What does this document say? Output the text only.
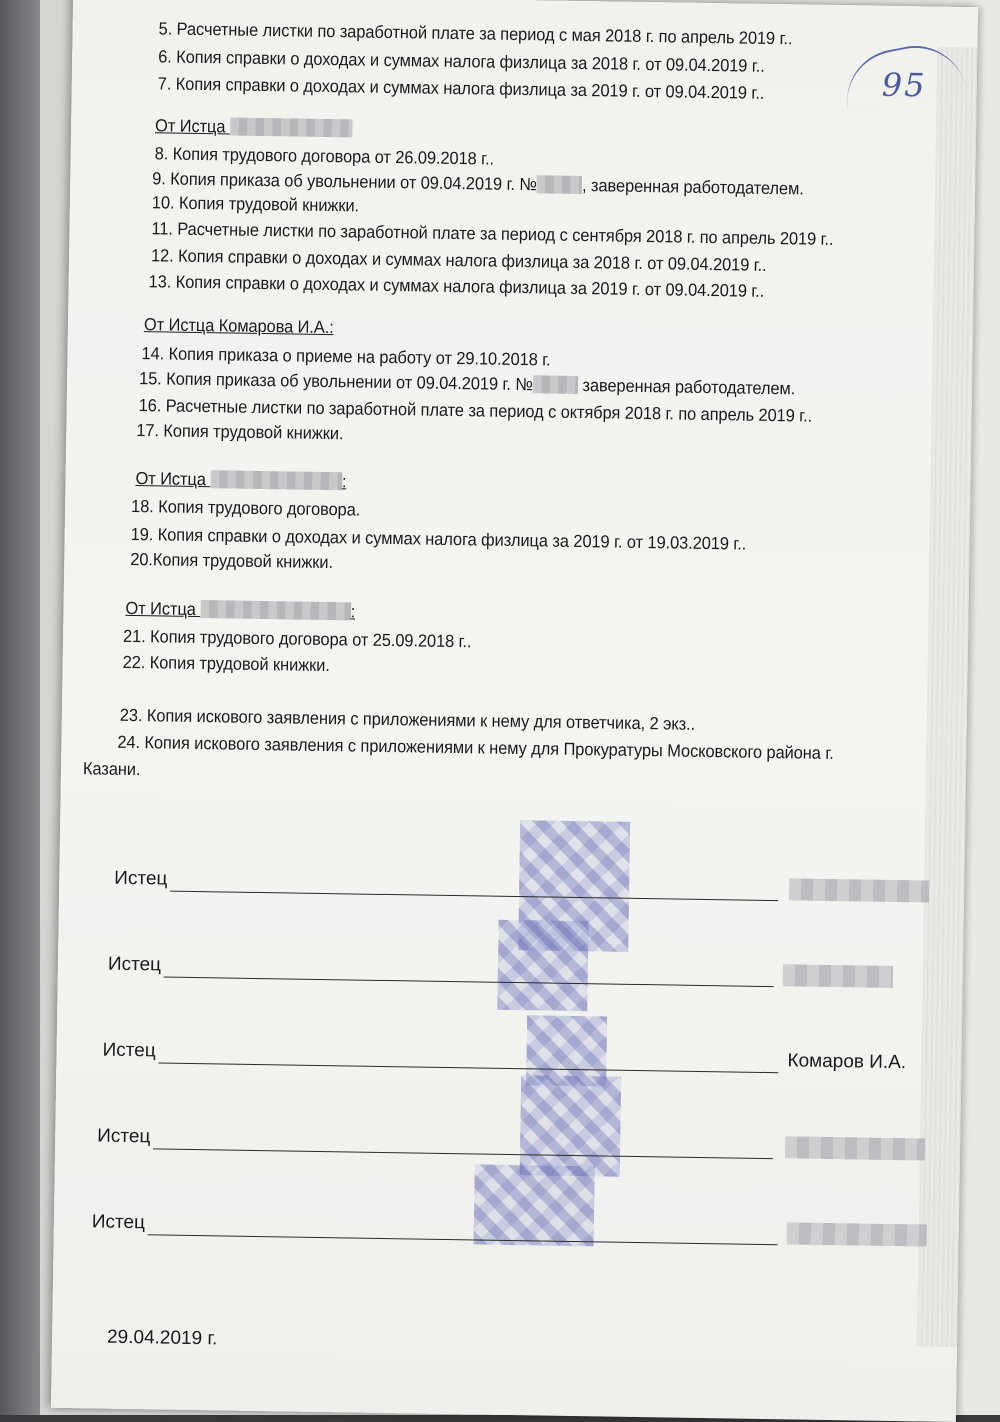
95
5. Расчетные листки по заработной плате за период с мая 2018 г. по апрель 2019 г..
6. Копия справки о доходах и суммах налога физлица за 2018 г. от 09.04.2019 г..
7. Копия справки о доходах и суммах налога физлица за 2019 г. от 09.04.2019 г..
От Истца
8. Копия трудового договора от 26.09.2018 г..
9. Копия приказа об увольнении от 09.04.2019 г. №	, заверенная работодателем.
10. Копия трудовой книжки.
11. Расчетные листки по заработной плате за период с сентября 2018 г. по апрель 2019 г..
12. Копия справки о доходах и суммах налога физлица за 2018 г. от 09.04.2019 г..
13. Копия справки о доходах и суммах налога физлица за 2019 г. от 09.04.2019 г..
От Истца Комарова И.А.:
14. Копия приказа о приеме на работу от 29.10.2018 г.
15. Копия приказа об увольнении от 09.04.2019 г. №	заверенная работодателем.
16. Расчетные листки по заработной плате за период с октября 2018 г. по апрель 2019 г..
17. Копия трудовой книжки.
От Истца	:
18. Копия трудового договора.
19. Копия справки о доходах и суммах налога физлица за 2019 г. от 19.03.2019 г..
20.Копия трудовой книжки.
От Истца	:
21. Копия трудового договора от 25.09.2018 г..
22. Копия трудовой книжки.
23. Копия искового заявления с приложениями к нему для ответчика, 2 экз..
24. Копия искового заявления с приложениями к нему для Прокуратуры Московского района г.
Казани.
Истец
Истец
Истец	Комаров И.А.
Истец
Истец
29.04.2019 г.
